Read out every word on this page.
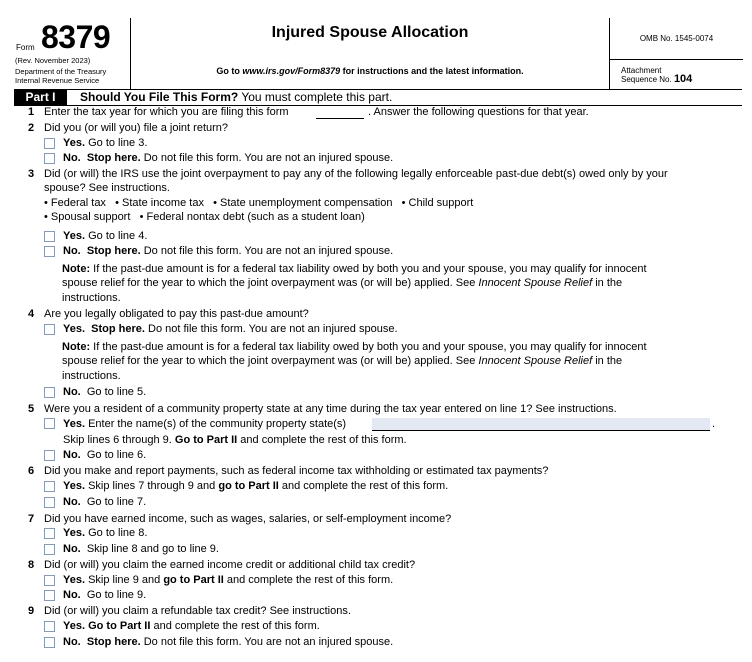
Form 8379
(Rev. November 2023)
Department of the Treasury
Internal Revenue Service
Injured Spouse Allocation
Go to www.irs.gov/Form8379 for instructions and the latest information.
OMB No. 1545-0074
Attachment
Sequence No. 104
Part I	Should You File This Form? You must complete this part.
1 Enter the tax year for which you are filing this form	. Answer the following questions for that year.
2 Did you (or will you) file a joint return?
Yes. Go to line 3.
No. Stop here. Do not file this form. You are not an injured spouse.
3 Did (or will) the IRS use the joint overpayment to pay any of the following legally enforceable past-due debt(s) owed only by your
spouse? See instructions.
• Federal tax   • State income tax   • State unemployment compensation   • Child support
• Spousal support   • Federal nontax debt (such as a student loan)
Yes. Go to line 4.
No. Stop here. Do not file this form. You are not an injured spouse.
Note: If the past-due amount is for a federal tax liability owed by both you and your spouse, you may qualify for innocent
spouse relief for the year to which the joint overpayment was (or will be) applied. See Innocent Spouse Relief in the
instructions.
4 Are you legally obligated to pay this past-due amount?
Yes. Stop here. Do not file this form. You are not an injured spouse.
Note: If the past-due amount is for a federal tax liability owed by both you and your spouse, you may qualify for innocent
spouse relief for the year to which the joint overpayment was (or will be) applied. See Innocent Spouse Relief in the
instructions.
No.  Go to line 5.
5 Were you a resident of a community property state at any time during the tax year entered on line 1? See instructions.
Yes. Enter the name(s) of the community property state(s)	.
Skip lines 6 through 9. Go to Part II and complete the rest of this form.
No.  Go to line 6.
6 Did you make and report payments, such as federal income tax withholding or estimated tax payments?
Yes. Skip lines 7 through 9 and go to Part II and complete the rest of this form.
No.  Go to line 7.
7 Did you have earned income, such as wages, salaries, or self-employment income?
Yes. Go to line 8.
No.  Skip line 8 and go to line 9.
8 Did (or will) you claim the earned income credit or additional child tax credit?
Yes. Skip line 9 and go to Part II and complete the rest of this form.
No.  Go to line 9.
9 Did (or will) you claim a refundable tax credit? See instructions.
Yes. Go to Part II and complete the rest of this form.
No. Stop here. Do not file this form. You are not an injured spouse.
